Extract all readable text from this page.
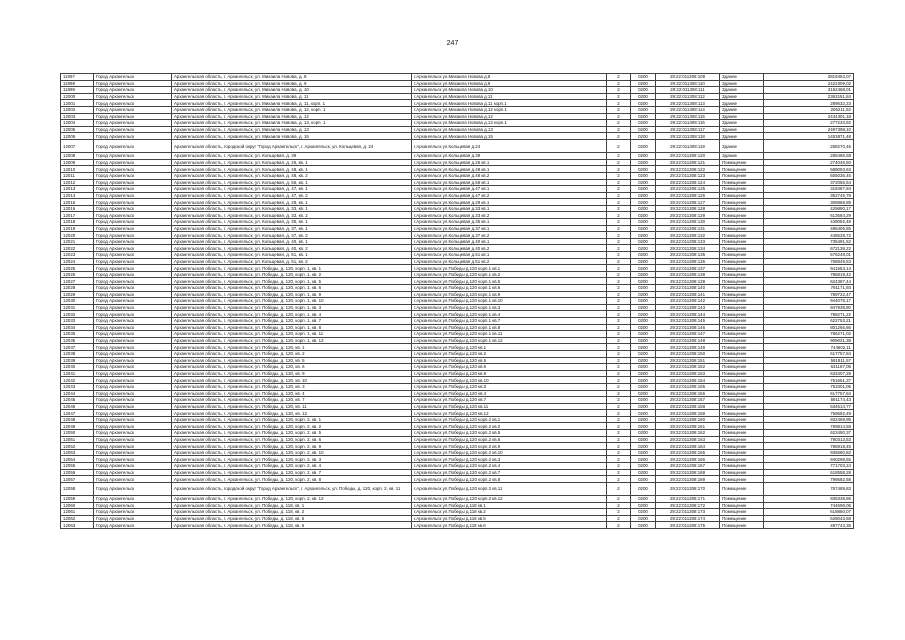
247
11997	Город Архангельск	Архангельская область, г. Архангельск, ул. Михаила Новова, д. 8	г.Архангельск ул.Михаила Новова д.8	2	0200	29:22:011308:109	Здание	2819453,07
11998	Город Архангельск	Архангельская область, г. Архангельск, ул. Михаила Новова, д. 9	г.Архангельск ул.Михаила Новова д.9	2	0200	29:22:011308:110	Здание	2422309,02
11999	Город Архангельск	Архангельская область, г. Архангельск, ул. Михаила Новова, д. 10	г.Архангельск ул.Михаила Новова д.10	2	0200	29:22:011308:111	Здание	3162468,01
12000	Город Архангельск	Архангельская область, г. Архангельск, ул. Михаила Новова, д. 11	г.Архангельск ул.Михаила Новова д.11	2	0200	29:22:011308:112	Здание	2363151,84
12001	Город Архангельск	Архангельская область, г. Архангельск, ул. Михаила Новова, д. 11, корп. 1	г.Архангельск ул.Михаила Новова д.11 корп.1	2	0200	29:22:011308:113	Здание	289632,23
12002	Город Архангельск	Архангельская область, г. Архангельск, ул. Михаила Новова, д. 12, корп. 1	г.Архангельск ул.Михаила Новова д.12 корп.1	2	0200	29:22:011308:114	Здание	206211,52
12003	Город Архангельск	Архангельская область, г. Архангельск, ул. Михаила Новова, д. 12	г.Архангельск ул.Михаила Новова д.12	2	0200	29:22:011308:115	Здание	2434301,18
12004	Город Архангельск	Архангельская область, г. Архангельск, ул. Михаила Новова, д. 13, корп. 1	г.Архангельск ул.Михаила Новова д.13 корп.1	2	0200	29:22:011308:116	Здание	277233,92
12005	Город Архангельск	Архангельская область, г. Архангельск, ул. Михаила Новова, д. 13	г.Архангельск ул.Михаила Новова д.13	2	0200	29:22:011308:117	Здание	2497398,10
12006	Город Архангельск	Архангельская область, г. Архангельск, ул. Михаила Новова, д. 15	г.Архангельск ул.Михаила Новова д.15	2	0200	29:22:011308:118	Здание	1453871,48
12007	Город Архангельск	Архангельская область, городской округ "Город Архангельск", г. Архангельск, ул. Кольцевая, д. 24	г.Архангельск ул.Кольцевая д.24	2	0200	29:22:011308:119	Здание	258270,46
12008	Город Архангельск	Архангельская область, г. Архангельск, ул. Кольцевая, д. 39	г.Архангельск ул.Кольцевая д.39	2	0200	29:22:011308:120	Здание	286486,58
12009	Город Архангельск	Архангельская область, г. Архангельск, ул. Кольцевая, д. 26, кв. 1	г.Архангельск ул.Кольцевая д.26 кв.1	2	0200	29:22:011308:121	Помещение	274046,50
12010	Город Архангельск	Архангельская область, г. Архангельск, ул. Кольцевая, д. 48, кв. 1	г.Архангельск ул.Кольцевая д.48 кв.1	2	0200	29:22:011308:122	Помещение	589093,63
12011	Город Архангельск	Архангельская область, г. Архангельск, ул. Кольцевая, д. 48, кв. 2	г.Архангельск ул.Кольцевая д.48 кв.2	2	0200	29:22:011308:123	Помещение	605035,45
12012	Город Архангельск	Архангельская область, г. Архангельск, ул. Кольцевая, д. 56, кв. 1	г.Архангельск ул.Кольцевая д.56 кв.1	2	0200	29:22:011308:124	Помещение	372055,54
12013	Город Архангельск	Архангельская область, г. Архангельск, ул. Кольцевая, д. 47, кв. 1	г.Архангельск ул.Кольцевая д.47 кв.1	2	0200	29:22:011308:125	Помещение	318487,84
12014	Город Архангельск	Архангельская область, г. Архангельск, ул. Кольцевая, д. 47, кв. 2	г.Архангельск ул.Кольцевая д.47 кв.2	2	0200	29:22:011308:126	Помещение	352745,78
12015	Город Архангельск	Архангельская область, г. Архангельск, ул. Кольцевая, д. 29, кв. 1	г.Архангельск ул.Кольцевая д.29 кв.1	2	0200	29:22:011308:127	Помещение	308868,89
12016	Город Архангельск	Архангельская область, г. Архангельск, ул. Кольцевая, д. 33, кв. 1	г.Архангельск ул.Кольцевая д.33 кв.1	2	0200	29:22:011308:128	Помещение	429890,17
12017	Город Архангельск	Архангельская область, г. Архангельск, ул. Кольцевая, д. 33, кв. 2	г.Архангельск ул.Кольцевая д.33 кв.2	2	0200	29:22:011308:129	Помещение	613584,29
12018	Город Архангельск	Архангельская область, г. Архангельск, ул. Кольцевая, д. 35, кв. 1	г.Архангельск ул.Кольцевая д.35 кв.1	2	0200	29:22:011308:130	Помещение	439092,48
12019	Город Архангельск	Архангельская область, г. Архангельск, ул. Кольцевая, д. 37, кв. 1	г.Архангельск ул.Кольцевая д.37 кв.1	2	0200	29:22:011308:131	Помещение	485406,55
12020	Город Архангельск	Архангельская область, г. Архангельск, ул. Кольцевая, д. 37, кв. 2	г.Архангельск ул.Кольцевая д.37 кв.2	2	0200	29:22:011308:132	Помещение	448528,72
12021	Город Архангельск	Архангельская область, г. Архангельск, ул. Кольцевая, д. 40, кв. 1	г.Архангельск ул.Кольцевая д.40 кв.1	2	0200	29:22:011308:133	Помещение	735491,52
12022	Город Архангельск	Архангельская область, г. Архангельск, ул. Кольцевая, д. 40, кв. 2	г.Архангельск ул.Кольцевая д.40 кв.2	2	0200	29:22:011308:134	Помещение	672138,22
12023	Город Архангельск	Архангельская область, г. Архангельск, ул. Кольцевая, д. 51, кв. 1	г.Архангельск ул.Кольцевая д.51 кв.1	2	0200	29:22:011308:135	Помещение	576248,01
12024	Город Архангельск	Архангельская область, г. Архангельск, ул. Кольцевая, д. 51, кв. 2	г.Архангельск ул.Кольцевая д.51 кв.2	2	0200	29:22:011308:136	Помещение	768849,53
12025	Город Архангельск	Архангельская область, г. Архангельск, ул. Победы, д. 120, корп. 1, кв. 1	г.Архангельск ул.Победы д.120 корп.1 кв.1	2	0200	29:22:011308:137	Помещение	941553,14
12026	Город Архангельск	Архангельская область, г. Архангельск, ул. Победы, д. 120, корп. 1, кв. 2	г.Архангельск ул.Победы д.120 корп.1 кв.2	2	0200	29:22:011308:138	Помещение	786819,42
12027	Город Архангельск	Архангельская область, г. Архангельск, ул. Победы, д. 120, корп. 1, кв. 5	г.Архангельск ул.Победы д.120 корп.1 кв.5	2	0200	29:22:011308:139	Помещение	624387,44
12028	Город Архангельск	Архангельская область, г. Архангельск, ул. Победы, д. 120, корп. 1, кв. 6	г.Архангельск ул.Победы д.120 корп.1 кв.6	2	0200	29:22:011308:140	Помещение	791171,93
12029	Город Архангельск	Архангельская область, г. Архангельск, ул. Победы, д. 120, корп. 1, кв. 9	г.Архангельск ул.Победы д.120 корп.1 кв.9	2	0200	29:22:011308:141	Помещение	789722,47
12030	Город Архангельск	Архангельская область, г. Архангельск, ул. Победы, д. 120, корп. 1, кв. 10	г.Архангельск ул.Победы д.120 корп.1 кв.10	2	0200	29:22:011308:142	Помещение	944078,17
12031	Город Архангельск	Архангельская область, г. Архангельск, ул. Победы, д. 120, корп. 1, кв. 3	г.Архангельск ул.Победы д.120 корп.1 кв.3	2	0200	29:22:011308:143	Помещение	947838,80
12032	Город Архангельск	Архангельская область, г. Архангельск, ул. Победы, д. 120, корп. 1, кв. 4	г.Архангельск ул.Победы д.120 корп.1 кв.4	2	0200	29:22:011308:144	Помещение	788271,22
12033	Город Архангельск	Архангельская область, г. Архангельск, ул. Победы, д. 120, корп. 1, кв. 7	г.Архангельск ул.Победы д.120 корп.1 кв.7	2	0200	29:22:011308:145	Помещение	622753,21
12034	Город Архангельск	Архангельская область, г. Архангельск, ул. Победы, д. 120, корп. 1, кв. 8	г.Архангельск ул.Победы д.120 корп.1 кв.8	2	0200	29:22:011308:146	Помещение	801266,86
12035	Город Архангельск	Архангельская область, г. Архангельск, ул. Победы, д. 120, корп. 1, кв. 11	г.Архангельск ул.Победы д.120 корп.1 кв.11	2	0200	29:22:011308:147	Помещение	786271,02
12036	Город Архангельск	Архангельская область, г. Архангельск, ул. Победы, д. 120, корп. 1, кв. 12	г.Архангельск ул.Победы д.120 корп.1 кв.12	2	0200	29:22:011308:148	Помещение	909021,38
12037	Город Архангельск	Архангельская область, г. Архангельск, ул. Победы, д. 120, кв. 1	г.Архангельск ул.Победы д.120 кв.1	2	0200	29:22:011308:149	Помещение	744602,11
12038	Город Архангельск	Архангельская область, г. Архангельск, ул. Победы, д. 120, кв. 2	г.Архангельск ул.Победы д.120 кв.2	2	0200	29:22:011308:150	Помещение	617757,84
12039	Город Архангельск	Архангельская область, г. Архангельск, ул. Победы, д. 120, кв. 5	г.Архангельск ул.Победы д.120 кв.5	2	0200	29:22:011308:151	Помещение	591911,57
12040	Город Архангельск	Архангельская область, г. Архангельск, ул. Победы, д. 120, кв. 6	г.Архангельск ул.Победы д.120 кв.6	2	0200	29:22:011308:152	Помещение	631187,05
12041	Город Архангельск	Архангельская область, г. Архангельск, ул. Победы, д. 120, кв. 9	г.Архангельск ул.Победы д.120 кв.9	2	0200	29:22:011308:153	Помещение	633407,28
12042	Город Архангельск	Архангельская область, г. Архангельск, ул. Победы, д. 120, кв. 10	г.Архангельск ул.Победы д.120 кв.10	2	0200	29:22:011308:154	Помещение	761651,37
12043	Город Архангельск	Архангельская область, г. Архангельск, ул. Победы, д. 120, кв. 3	г.Архангельск ул.Победы д.120 кв.3	2	0200	29:22:011308:155	Помещение	753301,05
12044	Город Архангельск	Архангельская область, г. Архангельск, ул. Победы, д. 120, кв. 4	г.Архангельск ул.Победы д.120 кв.4	2	0200	29:22:011308:156	Помещение	617757,84
12045	Город Архангельск	Архангельская область, г. Архангельск, ул. Победы, д. 120, кв. 7	г.Архангельск ул.Победы д.120 кв.7	2	0200	29:22:011308:157	Помещение	591174,43
12046	Город Архангельск	Архангельская область, г. Архангельск, ул. Победы, д. 120, кв. 11	г.Архангельск ул.Победы д.120 кв.11	2	0200	29:22:011308:158	Помещение	634514,77
12047	Город Архангельск	Архангельская область, г. Архангельск, ул. Победы, д. 120, кв. 12	г.Архангельск ул.Победы д.120 кв.12	2	0200	29:22:011308:159	Помещение	769692,49
12048	Город Архангельск	Архангельская область, г. Архангельск, ул. Победы, д. 120, корп. 2, кв. 1	г.Архангельск ул.Победы д.120 корп.2 кв.1	2	0200	29:22:011308:160	Помещение	932469,99
12049	Город Архангельск	Архангельская область, г. Архангельск, ул. Победы, д. 120, корп. 2, кв. 2	г.Архангельск ул.Победы д.120 корп.2 кв.2	2	0200	29:22:011308:161	Помещение	769814,58
12050	Город Архангельск	Архангельская область, г. Архангельск, ул. Победы, д. 120, корп. 2, кв. 5	г.Архангельск ул.Победы д.120 корп.2 кв.5	2	0200	29:22:011308:162	Помещение	623450,37
12051	Город Архангельск	Архангельская область, г. Архангельск, ул. Победы, д. 120, корп. 2, кв. 6	г.Архангельск ул.Победы д.120 корп.2 кв.6	2	0200	29:22:011308:163	Помещение	790313,53
12052	Город Архангельск	Архангельская область, г. Архангельск, ул. Победы, д. 120, корп. 2, кв. 9	г.Архангельск ул.Победы д.120 корп.2 кв.9	2	0200	29:22:011308:164	Помещение	786918,45
12053	Город Архангельск	Архангельская область, г. Архангельск, ул. Победы, д. 120, корп. 2, кв. 10	г.Архангельск ул.Победы д.120 корп.2 кв.10	2	0200	29:22:011308:165	Помещение	936580,82
12054	Город Архангельск	Архангельская область, г. Архангельск, ул. Победы, д. 120, корп. 2, кв. 3	г.Архангельск ул.Победы д.120 корп.2 кв.3	2	0200	29:22:011308:166	Помещение	940298,55
12055	Город Архангельск	Архангельская область, г. Архангельск, ул. Победы, д. 120, корп. 2, кв. 4	г.Архангельск ул.Победы д.120 корп.2 кв.4	2	0200	29:22:011308:167	Помещение	771703,24
12056	Город Архангельск	Архангельская область, г. Архангельск, ул. Победы, д. 120, корп. 2, кв. 7	г.Архангельск ул.Победы д.120 корп.2 кв.7	2	0200	29:22:011308:168	Помещение	618558,28
12057	Город Архангельск	Архангельская область, г. Архангельск, ул. Победы, д. 120, корп. 2, кв. 8	г.Архангельск ул.Победы д.120 корп.2 кв.8	2	0200	29:22:011308:169	Помещение	799582,58
12058	Город Архангельск	Архангельская область, городской округ "Город Архангельск", г. Архангельск, ул. Победы, д. 120, корп. 2, кв. 11	г.Архангельск ул.Победы д.120 корп.2 кв.11	2	0200	29:22:011308:170	Помещение	787489,83
12059	Город Архангельск	Архангельская область, г. Архангельск, ул. Победы, д. 120, корп. 2, кв. 12	г.Архангельск ул.Победы д.120 корп.2 кв.12	2	0200	29:22:011308:171	Помещение	935338,86
12060	Город Архангельск	Архангельская область, г. Архангельск, ул. Победы, д. 118, кв. 1	г.Архангельск ул.Победы д.118 кв.1	2	0200	29:22:011308:172	Помещение	744698,06
12061	Город Архангельск	Архангельская область, г. Архангельск, ул. Победы, д. 118, кв. 2	г.Архангельск ул.Победы д.118 кв.2	2	0200	29:22:011308:173	Помещение	618860,07
12062	Город Архангельск	Архангельская область, г. Архангельск, ул. Победы, д. 118, кв. 5	г.Архангельск ул.Победы д.118 кв.5	2	0200	29:22:011308:174	Помещение	628043,58
12063	Город Архангельск	Архангельская область, г. Архангельск, ул. Победы, д. 118, кв. 6	г.Архангельск ул.Победы д.118 кв.6	2	0200	29:22:011308:175	Помещение	497743,38
